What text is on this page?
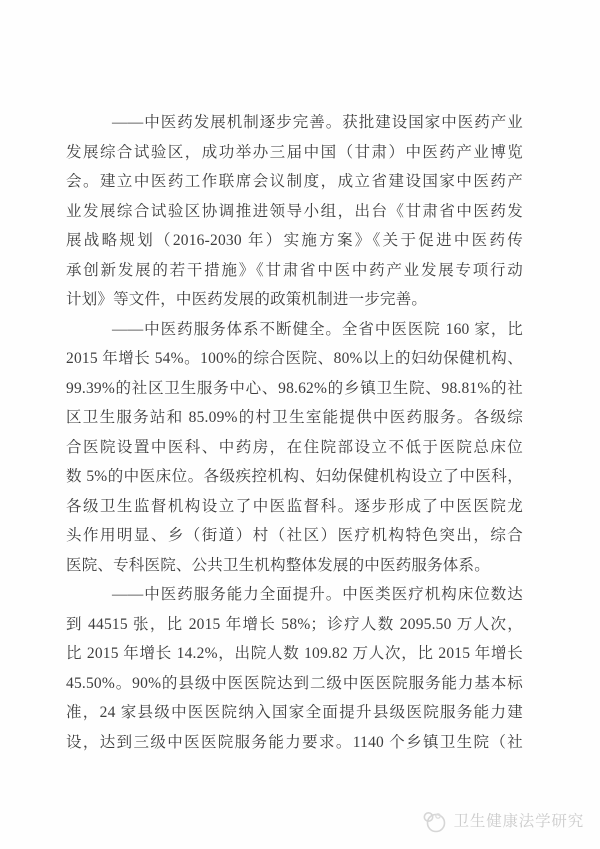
——中医药发展机制逐步完善。获批建设国家中医药产业
发展综合试验区，成功举办三届中国（甘肃）中医药产业博览
会。建立中医药工作联席会议制度，成立省建设国家中医药产
业发展综合试验区协调推进领导小组，出台《甘肃省中医药发
展战略规划（2016-2030 年）实施方案》《关于促进中医药传
承创新发展的若干措施》《甘肃省中医中药产业发展专项行动
计划》等文件，中医药发展的政策机制进一步完善。
——中医药服务体系不断健全。全省中医医院 160 家，比
2015 年增长 54%。100%的综合医院、80%以上的妇幼保健机构、
99.39%的社区卫生服务中心、98.62%的乡镇卫生院、98.81%的社
区卫生服务站和 85.09%的村卫生室能提供中医药服务。各级综
合医院设置中医科、中药房，在住院部设立不低于医院总床位
数 5%的中医床位。各级疾控机构、妇幼保健机构设立了中医科，
各级卫生监督机构设立了中医监督科。逐步形成了中医医院龙
头作用明显、乡（街道）村（社区）医疗机构特色突出，综合
医院、专科医院、公共卫生机构整体发展的中医药服务体系。
——中医药服务能力全面提升。中医类医疗机构床位数达
到 44515 张，比 2015 年增长 58%；诊疗人数 2095.50 万人次，
比 2015 年增长 14.2%，出院人数 109.82 万人次，比 2015 年增长
45.50%。90%的县级中医医院达到二级中医医院服务能力基本标
准，24 家县级中医医院纳入国家全面提升县级医院服务能力建
设，达到三级中医医院服务能力要求。1140 个乡镇卫生院（社
卫生健康法学研究
